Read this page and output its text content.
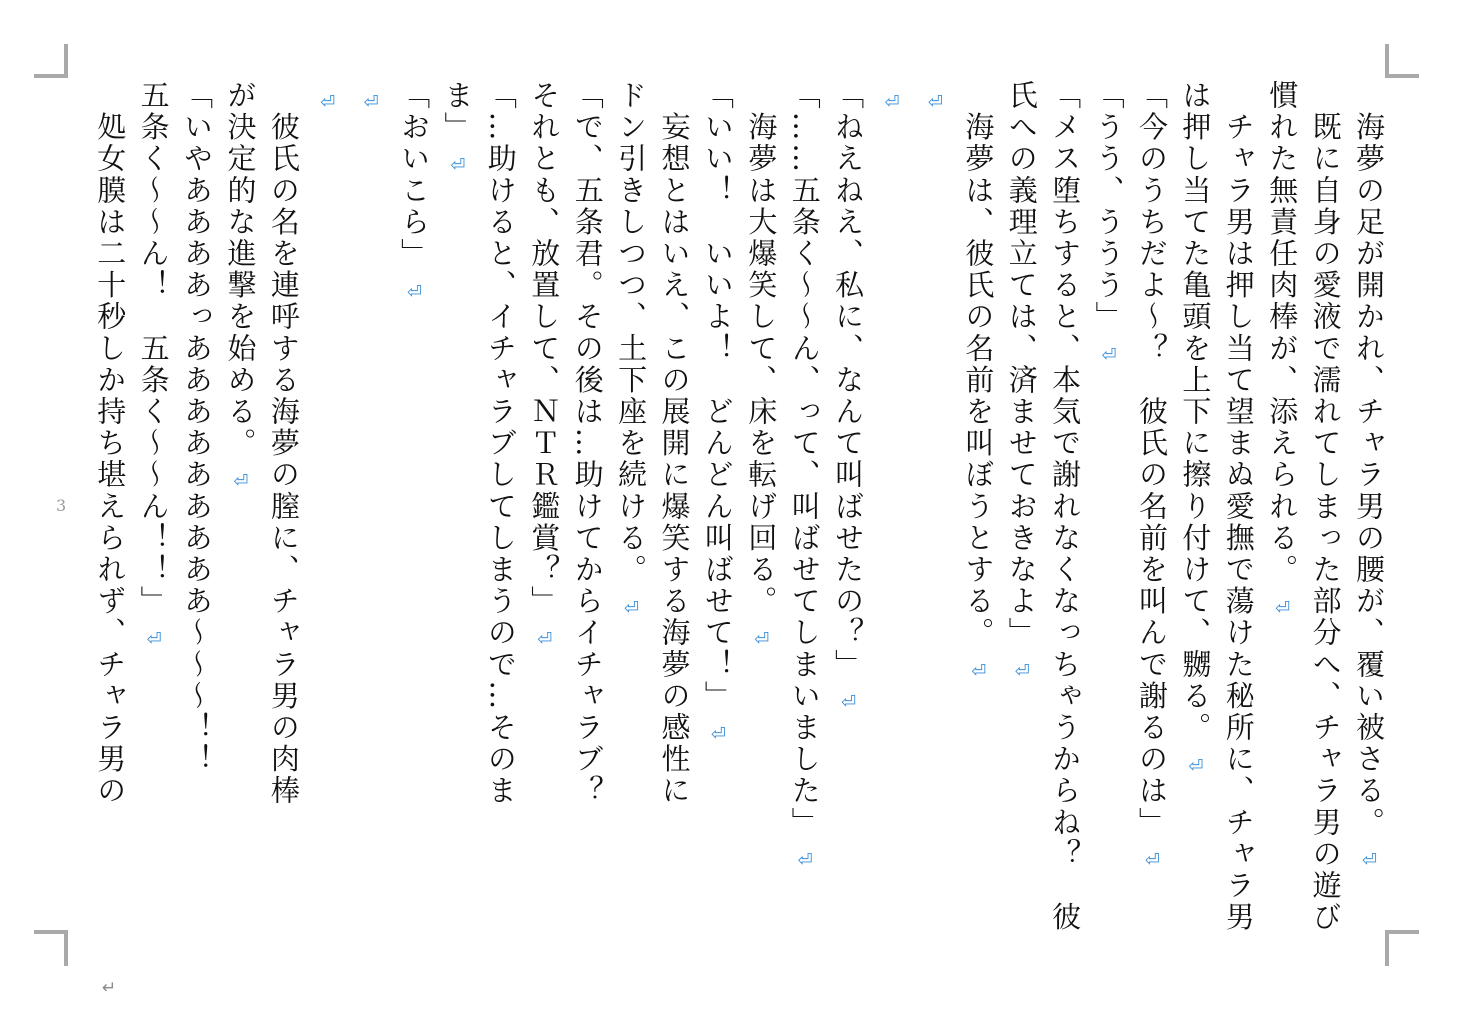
　海夢の足が開かれ、チャラ男の腰が、覆い被さる。⏎
　既に自身の愛液で濡れてしまった部分へ、チャラ男の遊び慣れた無責任肉棒が、添えられる。⏎
　チャラ男は押し当て望まぬ愛撫で蕩けた秘所に、チャラ男は押し当てた亀頭を上下に擦り付けて、嬲る。⏎
「今のうちだよ～？　彼氏の名前を叫んで謝るのは」⏎
「うう、ううう」⏎
「メス堕ちすると、本気で謝れなくなっちゃうからね？　彼氏への義理立ては、済ませておきなよ」⏎
　海夢は、彼氏の名前を叫ぼうとする。⏎
⏎
⏎
「ねえねえ、私に、なんて叫ばせたの？」⏎
「……五条く～～ん、って、叫ばせてしまいました」⏎
　海夢は大爆笑して、床を転げ回る。⏎
「いい！　いいよ！　どんどん叫ばせて！」⏎
　妄想とはいえ、この展開に爆笑する海夢の感性に
ドン引きしつつ、土下座を続ける。⏎
「で、五条君。その後は…助けてからイチャラブ？
それとも、放置して、ＮＴＲ鑑賞？」⏎
「…助けると、イチャラブしてしまうので…そのま
ま」⏎
「おいこら」⏎
⏎
⏎
　彼氏の名を連呼する海夢の膣に、チャラ男の肉棒
が決定的な進撃を始める。⏎
「いやああああっあああああああああ～～～！！
五条く～～ん！　五条く～～ん！！」⏎
　処女膜は二十秒しか持ち堪えられず、チャラ男の
3
↵
